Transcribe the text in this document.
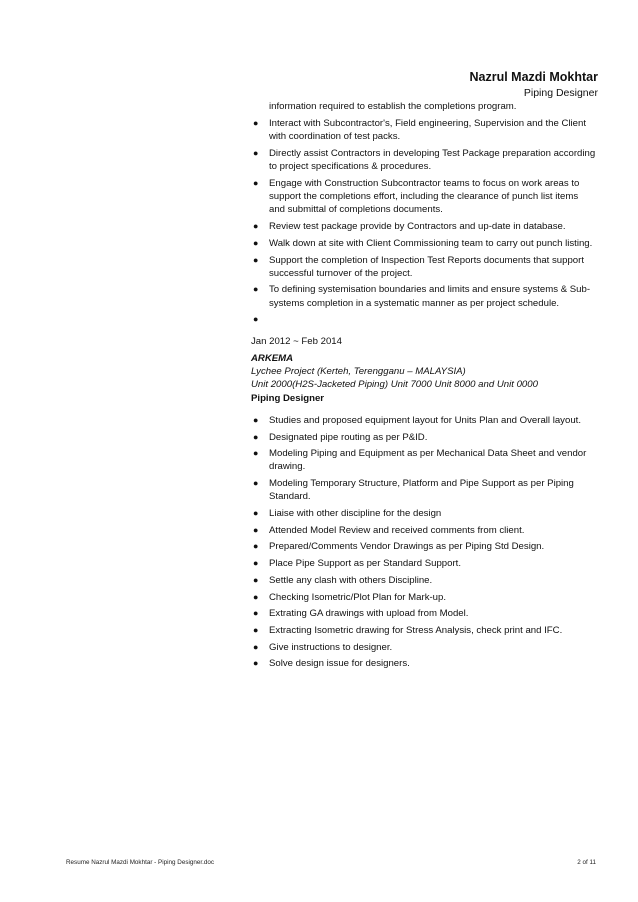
Nazrul Mazdi Mokhtar
Piping Designer
information required to establish the completions program.
● Interact with Subcontractor's, Field engineering, Supervision and the Client with coordination of test packs.
● Directly assist Contractors in developing Test Package preparation according to project specifications & procedures.
● Engage with Construction Subcontractor teams to focus on work areas to support the completions effort, including the clearance of punch list items and submittal of completions documents.
● Review test package provide by Contractors and up-date in database.
● Walk down at site with Client Commissioning team to carry out punch listing.
● Support the completion of Inspection Test Reports documents that support successful turnover of the project.
● To defining systemisation boundaries and limits and ensure systems & Sub-systems completion in a systematic manner as per project schedule.
●
Jan 2012 ~ Feb 2014
ARKEMA
Lychee Project (Kerteh, Terengganu – MALAYSIA)
Unit 2000(H2S-Jacketed Piping) Unit 7000 Unit 8000 and Unit 0000
Piping Designer
● Studies and proposed equipment layout for Units Plan and Overall layout.
● Designated pipe routing as per P&ID.
● Modeling Piping and Equipment as per Mechanical Data Sheet and vendor drawing.
● Modeling Temporary Structure, Platform and Pipe Support as per Piping Standard.
● Liaise with other discipline for the design
● Attended Model Review and received comments from client.
● Prepared/Comments Vendor Drawings as per Piping Std Design.
● Place Pipe Support as per Standard Support.
● Settle any clash with others Discipline.
● Checking Isometric/Plot Plan for Mark-up.
● Extrating GA drawings with upload from Model.
● Extracting Isometric drawing for Stress Analysis, check print and IFC.
● Give instructions to designer.
● Solve design issue for designers.
Resume Nazrul Mazdi Mokhtar - Piping Designer.doc	2 of 11
